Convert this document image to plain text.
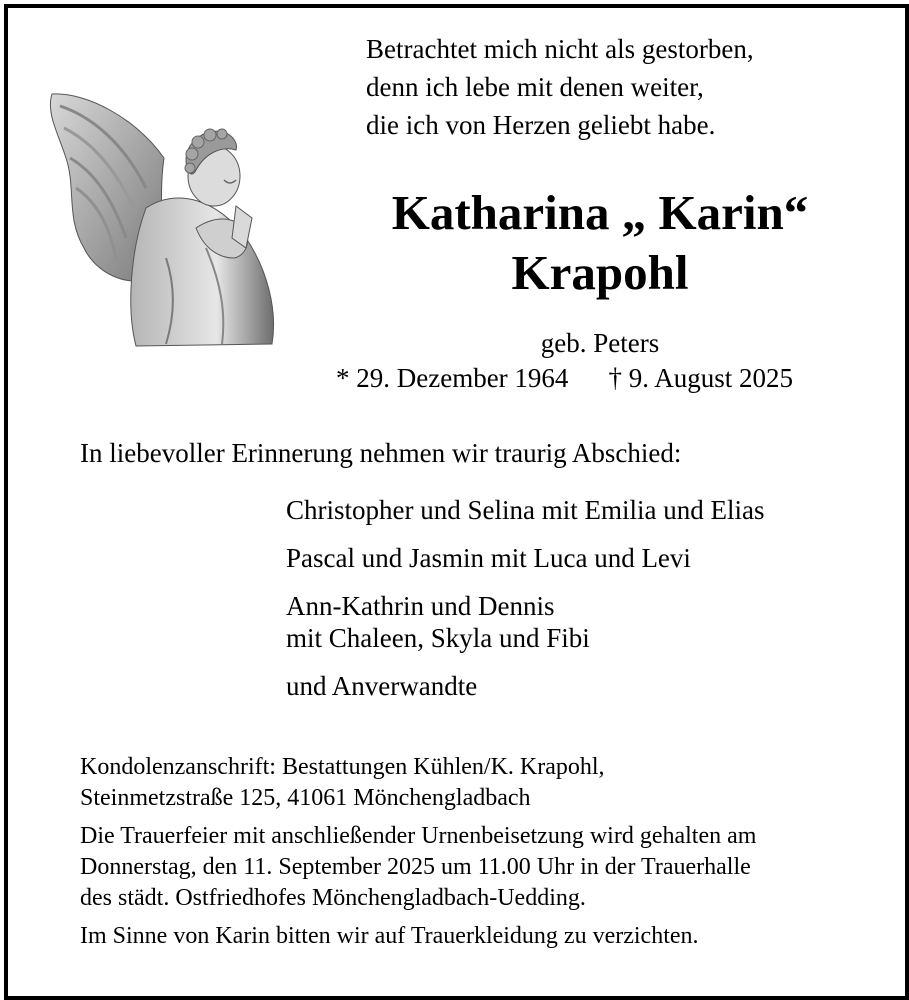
Betrachtet mich nicht als gestorben,
denn ich lebe mit denen weiter,
die ich von Herzen geliebt habe.
Katharina „ Karin“
Krapohl
geb. Peters
* 29. Dezember 1964 † 9. August 2025
In liebevoller Erinnerung nehmen wir traurig Abschied:
Christopher und Selina mit Emilia und Elias
Pascal und Jasmin mit Luca und Levi
Ann-Kathrin und Dennis
mit Chaleen, Skyla und Fibi
und Anverwandte
Kondolenzanschrift: Bestattungen Kühlen/K. Krapohl,
Steinmetzstraße 125, 41061 Mönchengladbach
Die Trauerfeier mit anschließender Urnenbeisetzung wird gehalten am
Donnerstag, den 11. September 2025 um 11.00 Uhr in der Trauerhalle
des städt. Ostfriedhofes Mönchengladbach-Uedding.
Im Sinne von Karin bitten wir auf Trauerkleidung zu verzichten.
